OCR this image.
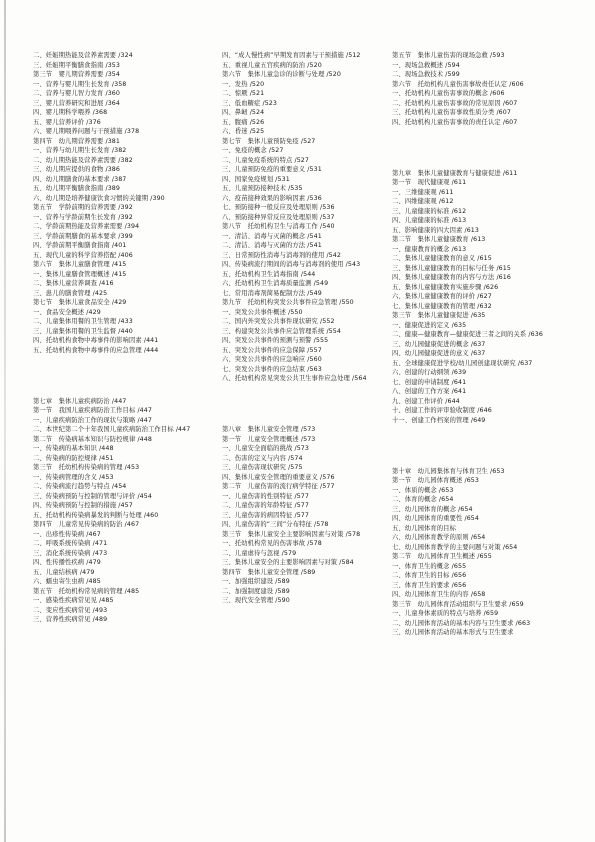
二、妊娠期热能及营养素需要 /324

三、妊娠期平衡膳食指南 /353

第三节　婴儿期营养需要 /354

一、营养与婴儿期生长发育 /358

二、营养与婴儿智力发育 /360

三、婴儿营养研究和进展 /364

四、婴儿期科学喂养 /368

五、婴儿营养评价 /376

六、婴儿期喂养问题与干预措施 /378

第四节　幼儿期营养需要 /381

一、营养与幼儿期生长发育 /382

二、幼儿期热能及营养素需要 /382

三、幼儿期应提供的食物 /386

四、幼儿期膳食的基本要求 /387

五、幼儿期平衡膳食指南 /389

六、幼儿期是培养健康饮食习惯的关键期 /390

第五节　学龄前期的营养需要 /392

一、营养与学龄前期生长发育 /392

二、学龄前期热能及营养素需要 /394

三、学龄前期膳食的基本要求 /399

四、学龄前期平衡膳食指南 /401

五、现代儿童的科学营养搭配 /406

第六节　集体儿童膳食管理 /415

一、集体儿童膳食管理概述 /415

二、集体儿童营养调查 /416

三、患儿的膳食管理 /425

第七节　集体儿童食品安全 /429

一、食品安全概述 /429

二、儿童集体用餐的卫生管理 /433

三、儿童集体用餐的卫生监督 /440

四、托幼机构食物中毒事件的影响因素 /441

五、托幼机构食物中毒事件的应急管理 /444

第七章　集体儿童疾病防治 /447

第一节　我国儿童疾病防治工作目标 /447

一、儿童疾病防治工作的现状与策略 /447

二、本世纪第二个十年我国儿童疾病防治工作目标 /447

第二节　传染病基本知识与防控规律 /448

一、传染病的基本知识 /448

二、传染病的防控规律 /451

第三节　托幼机构传染病的管理 /453

一、传染病管理的含义 /453

二、传染病流行趋势与特点 /454

三、传染病预防与控制的管理与评价 /454

四、传染病预防与控制的措施 /457

五、托幼机构传染病暴发的判断与处理 /460

第四节　儿童常见传染病的防治 /467

一、出疹性传染病 /467

二、呼吸系统传染病 /471

三、消化系统传染病 /473

四、性传播性疾病 /479

五、儿童结核病 /479

六、蠕虫寄生虫病 /485

第五节　托幼机构常见病的管理 /485

一、感染性疾病常见见 /485

二、变应性疾病常见 /493

三、营养性疾病常见 /489

四、“成人慢性病”早期发育因素与干预措施 /512

五、重视儿童五官疾病的防治 /520

第六节　集体儿童急诊的诊断与处理 /520

一、发热 /520

二、惊厥 /521

三、低血糖症 /523

四、鼻衄 /524

五、腹痛 /526

六、昏迷 /525

第七节　集体儿童预防免疫 /527

一、免疫的概念 /527

二、儿童免疫系统的特点 /527

三、儿童预防免疫的重要意义 /531

四、国家免疫规划 /531

五、儿童预防接种技术 /535

六、疫苗接种效果的影响因素 /536

七、预防接种一般反应及处理原则 /536

八、预防接种异常反应及处理原则 /537

第八节　托幼机构卫生与消毒工作 /540

一、清洁、消毒与灭菌的概念 /541

二、清洁、消毒与灭菌的方法 /541

三、日常预防性消毒与消毒剂的使用 /542

四、传染病流行期间的消毒与消毒剂的使用 /543

五、托幼机构卫生消毒指南 /544

六、托幼机构卫生消毒质量监测 /549

七、常用消毒剂简易配制方法 /549

第九节　托幼机构突发公共事件应急管理 /550

一、突发公共事件概述 /550

二、国内外突发公共事件现状研究 /552

三、构建突发公共事件应急管理系统 /554

四、突发公共事件的预测与预警 /555

五、突发公共事件的应急保障 /557

六、突发公共事件的应急响应 /560

七、突发公共事件的应急结束 /563

八、托幼机构常见突发公共卫生事件应急处理 /564

第八章　集体儿童安全管理 /573

第一节　儿童安全管理概述 /573

一、儿童安全面临的挑战 /573

二、伤害的定义与内容 /574

三、儿童伤害现状研究 /575

四、集体儿童安全管理的重要意义 /576

第二节　儿童伤害的流行病学特征 /577

一、儿童伤害的性别特征 /577

二、儿童伤害的年龄特征 /577

三、儿童伤害的病因特征 /577

四、儿童伤害的“三间”分布特征 /578

第三节　集体儿童安全主要影响因素与对策 /578

一、托幼机构常见的伤害事故 /578

二、儿童虐待与忽视 /579

三、集体儿童安全的主要影响因素与对策 /584

第四节　集体儿童安全管理 /589

一、加强组织建设 /589

二、加强制度建设 /589

三、现代安全管理 /590

第五节　集体儿童伤害的现场急救 /593

一、现场急救概述 /594

二、现场急救技术 /599

第六节　托幼机构儿童伤害事故责任认定 /606

一、托幼机构儿童伤害事故的概念 /606

二、托幼机构儿童伤害事故的常见原因 /607

三、托幼机构儿童伤害事故性质分类 /607

四、托幼机构儿童伤害事故的责任认定 /607

第九章　集体儿童健康教育与健康促进 /611

第一节　现代健康观 /611

一、三维健康观 /611

二、四维健康观 /612

三、儿童健康的标准 /612

四、儿童健康的标准 /613

五、影响健康的四大因素 /613

第二节　集体儿童健康教育 /613

一、健康教育的概念 /613

二、集体儿童健康教育的意义 /615

三、集体儿童健康教育的目标与任务 /615

四、集体儿童健康教育的内容与方法 /616

五、集体儿童健康教育实施步骤 /626

六、集体儿童健康教育的评价 /627

七、集体儿童健康教育的管理 /632

第三节　集体儿童健康促进 /635

一、健康促进的定义 /635

二、健康—健康教育—健康促进三者之间的关系 /636

三、幼儿园健康促进的概念 /637

四、幼儿园健康促进的意义 /637

五、全球健康促进学校/幼儿园创建现状研究 /637

六、创建的行动纲领 /639

七、创建的申请制度 /641

八、创建的工作方案 /641

九、创建工作评价 /644

十、创建工作的评审验收制度 /646

十一、创建工作档案的管理 /649

第十章　幼儿园集体育与体育卫生 /653

第一节　幼儿园体育概述 /653

一、体质的概念 /653

二、体育的概念 /654

三、幼儿园体育的概念 /654

四、幼儿园体育的重要性 /654

五、幼儿园体育的目标

六、幼儿园体育教学的原则 /654

七、幼儿园体育教学的主要问题与对策 /654

第二节　幼儿园体育卫生概述 /655

一、体育卫生的概念 /655

二、体育卫生的目标 /656

三、体育卫生的要求 /656

四、幼儿园体育卫生的内容 /658

第三节　幼儿园体育活动组织与卫生要求 /659

一、儿童身体素质的特点与培养 /659

二、幼儿园体育活动的基本内容与卫生要求 /663

三、幼儿园体育活动的基本形式与卫生要求
